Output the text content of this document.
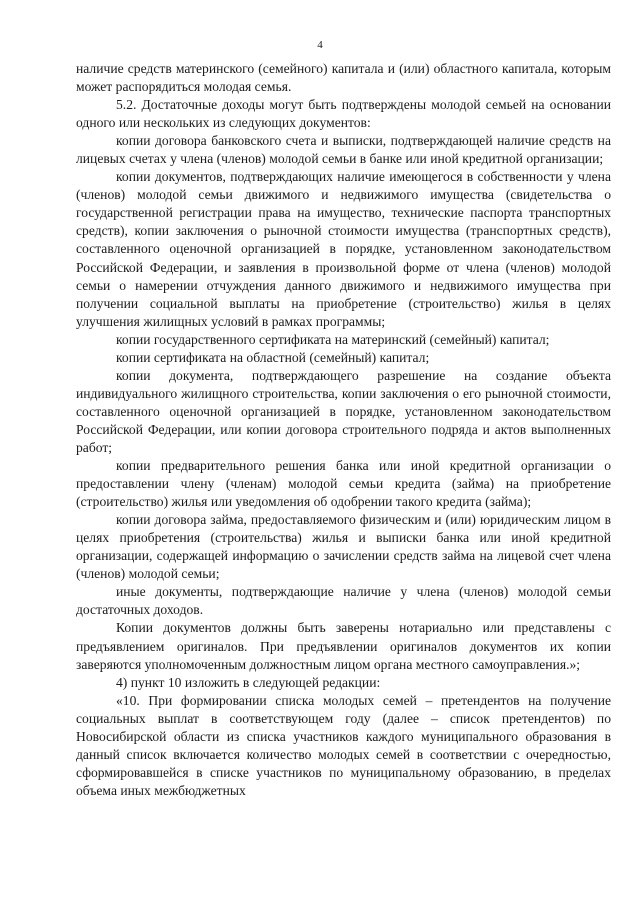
4

наличие средств материнского (семейного) капитала и (или) областного капитала, которым может распорядиться молодая семья.

5.2. Достаточные доходы могут быть подтверждены молодой семьей на основании одного или нескольких из следующих документов:

копии договора банковского счета и выписки, подтверждающей наличие средств на лицевых счетах у члена (членов) молодой семьи в банке или иной кредитной организации;

копии документов, подтверждающих наличие имеющегося в собственности у члена (членов) молодой семьи движимого и недвижимого имущества (свидетельства о государственной регистрации права на имущество, технические паспорта транспортных средств), копии заключения о рыночной стоимости имущества (транспортных средств), составленного оценочной организацией в порядке, установленном законодательством Российской Федерации, и заявления в произвольной форме от члена (членов) молодой семьи о намерении отчуждения данного движимого и недвижимого имущества при получении социальной выплаты на приобретение (строительство) жилья в целях улучшения жилищных условий в рамках программы;

копии государственного сертификата на материнский (семейный) капитал;

копии сертификата на областной (семейный) капитал;

копии документа, подтверждающего разрешение на создание объекта индивидуального жилищного строительства, копии заключения о его рыночной стоимости, составленного оценочной организацией в порядке, установленном законодательством Российской Федерации, или копии договора строительного подряда и актов выполненных работ;

копии предварительного решения банка или иной кредитной организации о предоставлении члену (членам) молодой семьи кредита (займа) на приобретение (строительство) жилья или уведомления об одобрении такого кредита (займа);

копии договора займа, предоставляемого физическим и (или) юридическим лицом в целях приобретения (строительства) жилья и выписки банка или иной кредитной организации, содержащей информацию о зачислении средств займа на лицевой счет члена (членов) молодой семьи;

иные документы, подтверждающие наличие у члена (членов) молодой семьи достаточных доходов.

Копии документов должны быть заверены нотариально или представлены с предъявлением оригиналов. При предъявлении оригиналов документов их копии заверяются уполномоченным должностным лицом органа местного самоуправления.»;

4) пункт 10 изложить в следующей редакции:

«10. При формировании списка молодых семей – претендентов на получение социальных выплат в соответствующем году (далее – список претендентов) по Новосибирской области из списка участников каждого муниципального образования в данный список включается количество молодых семей в соответствии с очередностью, сформировавшейся в списке участников по муниципальному образованию, в пределах объема иных межбюджетных
